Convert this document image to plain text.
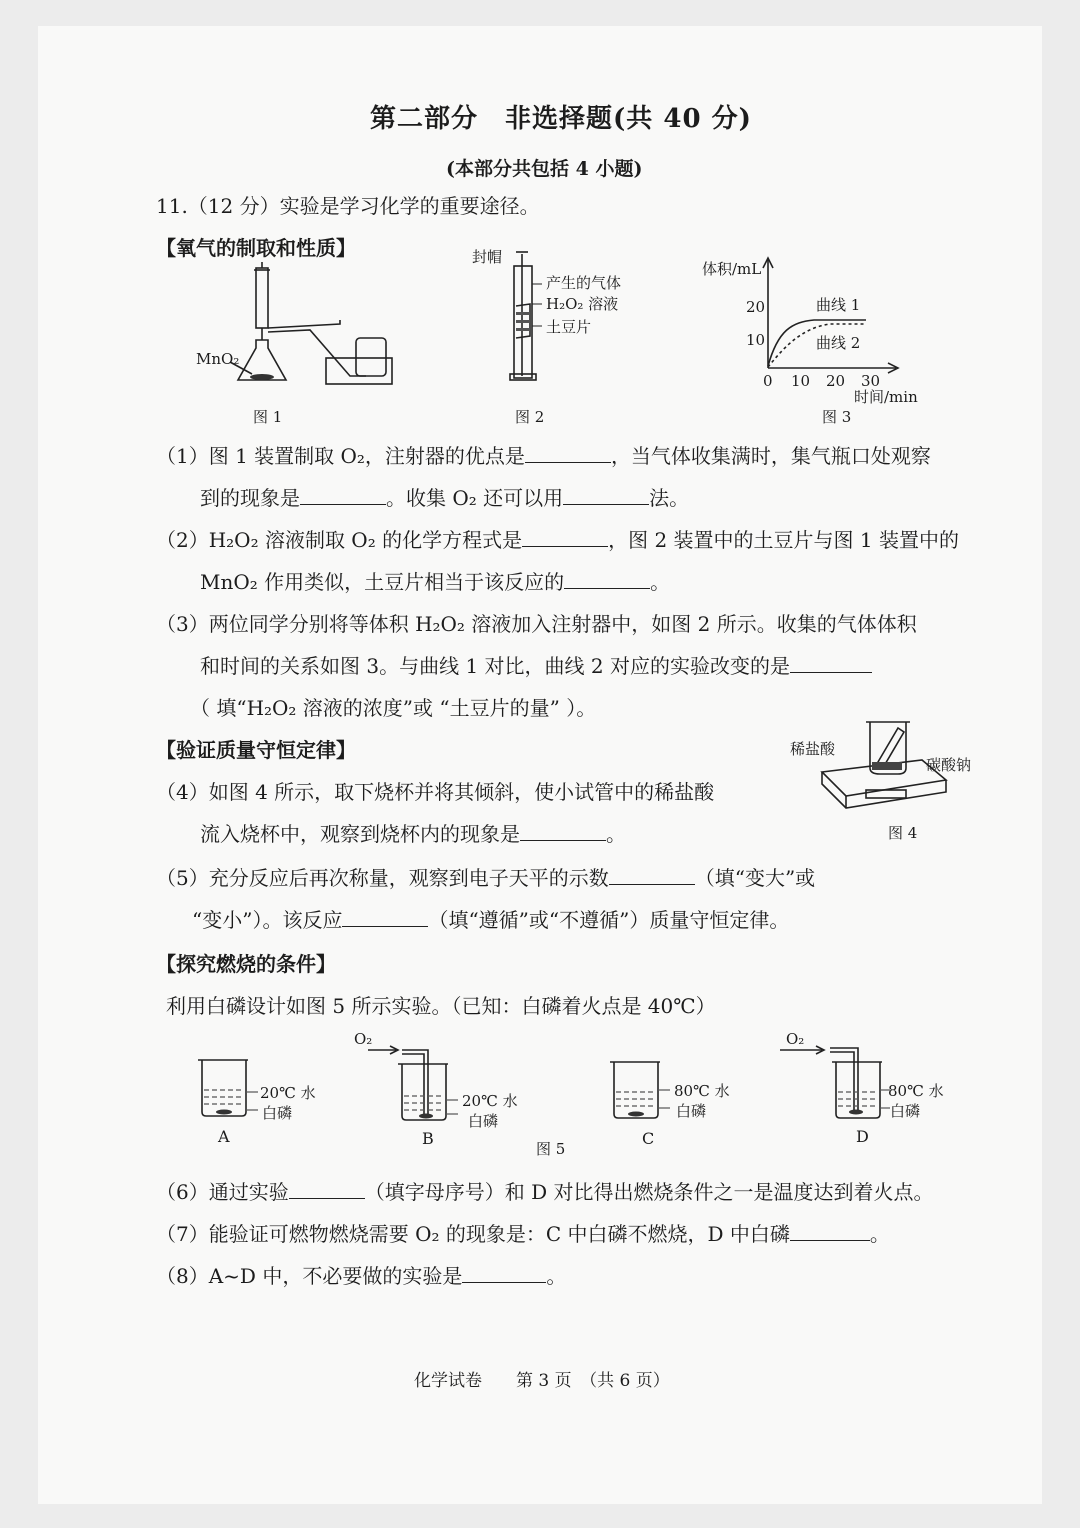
第二部分　非选择题(共 40 分)
(本部分共包括 4 小题)
11.（12 分）实验是学习化学的重要途径。
【氧气的制取和性质】
MnO₂
图 1
封帽
产生的气体
H₂O₂ 溶液
土豆片
图 2
体积/mL
20
10
0 10 20 30
时间/min
曲线 1
曲线 2
图 3
（1）图 1 装置制取 O₂，注射器的优点是	，当气体收集满时，集气瓶口处观察
到的现象是	。收集 O₂ 还可以用	法。
（2）H₂O₂ 溶液制取 O₂ 的化学方程式是	，图 2 装置中的土豆片与图 1 装置中的
MnO₂ 作用类似，土豆片相当于该反应的	。
（3）两位同学分别将等体积 H₂O₂ 溶液加入注射器中，如图 2 所示。收集的气体体积
和时间的关系如图 3。与曲线 1 对比，曲线 2 对应的实验改变的是
（ 填“H₂O₂ 溶液的浓度”或 “土豆片的量” ）。
【验证质量守恒定律】	稀盐酸
碳酸钠
图 4
（4）如图 4 所示，取下烧杯并将其倾斜，使小试管中的稀盐酸
流入烧杯中，观察到烧杯内的现象是	。
（5）充分反应后再次称量，观察到电子天平的示数	（填“变大”或
“变小”）。该反应	（填“遵循”或“不遵循”）质量守恒定律。
【探究燃烧的条件】
利用白磷设计如图 5 所示实验。（已知：白磷着火点是 40℃）
20℃ 水
白磷
A
O₂
20℃ 水
白磷
B
80℃ 水
白磷
C
O₂
80℃ 水
白磷
D
图 5
（6）通过实验	（填字母序号）和 D 对比得出燃烧条件之一是温度达到着火点。
（7）能验证可燃物燃烧需要 O₂ 的现象是：C 中白磷不燃烧，D 中白磷	。
（8）A~D 中，不必要做的实验是	。
化学试卷　　第 3 页　（共 6 页）
